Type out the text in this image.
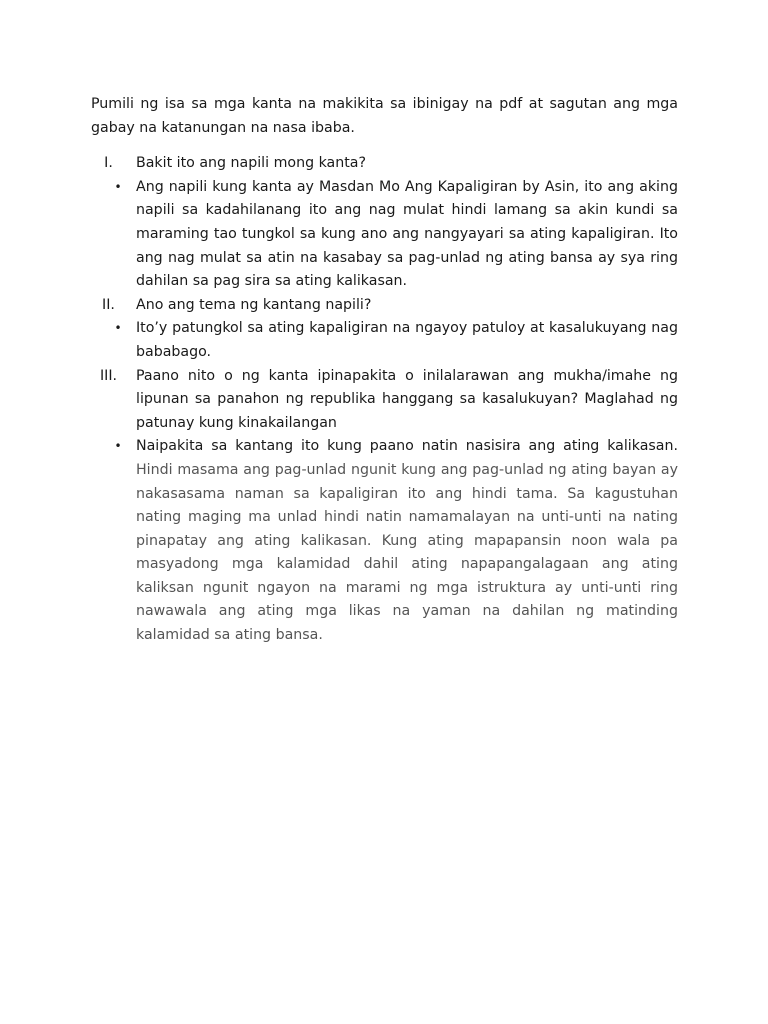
Pumili ng isa sa mga kanta na makikita sa ibinigay na pdf at sagutan ang mga gabay na katanungan na nasa ibaba.

I.	Bakit ito ang napili mong kanta?

• Ang napili kung kanta ay Masdan Mo Ang Kapaligiran by Asin, ito ang aking napili sa kadahilanang ito ang nag mulat hindi lamang sa akin kundi sa maraming tao tungkol sa kung ano ang nangyayari sa ating kapaligiran. Ito ang nag mulat sa atin na kasabay sa pag-unlad ng ating bansa ay sya ring dahilan sa pag sira sa ating kalikasan.

II.	Ano ang tema ng kantang napili?

• Ito’y patungkol sa ating kapaligiran na ngayoy patuloy at kasalukuyang nag bababago.

III.	Paano nito o ng kanta ipinapakita o inilalarawan ang mukha/imahe ng lipunan sa panahon ng republika hanggang sa kasalukuyan? Maglahad ng patunay kung kinakailangan

• Naipakita sa kantang ito kung paano natin nasisira ang ating kalikasan. Hindi masama ang pag-unlad ngunit kung ang pag-unlad ng ating bayan ay nakasasama naman sa kapaligiran ito ang hindi tama. Sa kagustuhan nating maging ma unlad hindi natin namamalayan na unti-unti na nating pinapatay ang ating kalikasan. Kung ating mapapansin noon wala pa masyadong mga kalamidad dahil ating napapangalagaan ang ating kaliksan ngunit ngayon na marami ng mga istruktura ay unti-unti ring nawawala ang ating mga likas na yaman na dahilan ng matinding kalamidad sa ating bansa.
